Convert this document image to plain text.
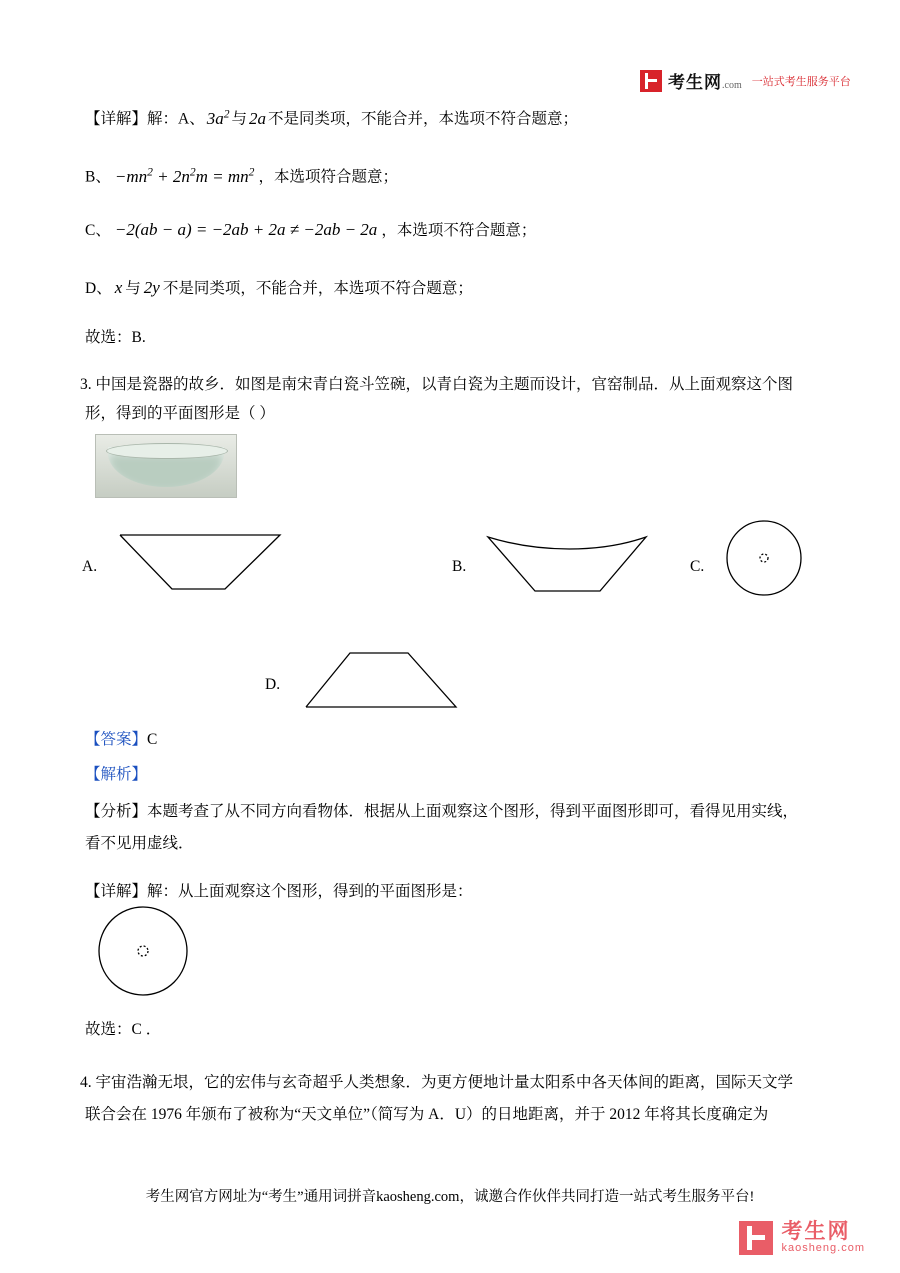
考生网.com 一站式考生服务平台
【详解】解：A、 $3a^2$ 与 2a 不是同类项，不能合并，本选项不符合题意；
B、 $-mn^2 + 2n^2m = mn^2$ ，本选项符合题意；
C、 −2(ab − a) = −2ab + 2a ≠ −2ab − 2a ，本选项不符合题意；
D、 x 与 2y 不是同类项，不能合并，本选项不符合题意；
故选：B.
3. 中国是瓷器的故乡．如图是南宋青白瓷斗笠碗，以青白瓷为主题而设计，官窑制品．从上面观察这个图
形，得到的平面图形是（ ）
A.	B.	C.
D.
【答案】C
【解析】
【分析】本题考查了从不同方向看物体．根据从上面观察这个图形，得到平面图形即可，看得见用实线，
看不见用虚线．
【详解】解：从上面观察这个图形，得到的平面图形是：
故选：C ．
4. 宇宙浩瀚无垠，它的宏伟与玄奇超乎人类想象．为更方便地计量太阳系中各天体间的距离，国际天文学
联合会在 1976 年颁布了被称为“天文单位”（简写为 A．U）的日地距离，并于 2012 年将其长度确定为
考生网官方网址为“考生”通用词拼音kaosheng.com，诚邀合作伙伴共同打造一站式考生服务平台!
考生网
kaosheng.com
